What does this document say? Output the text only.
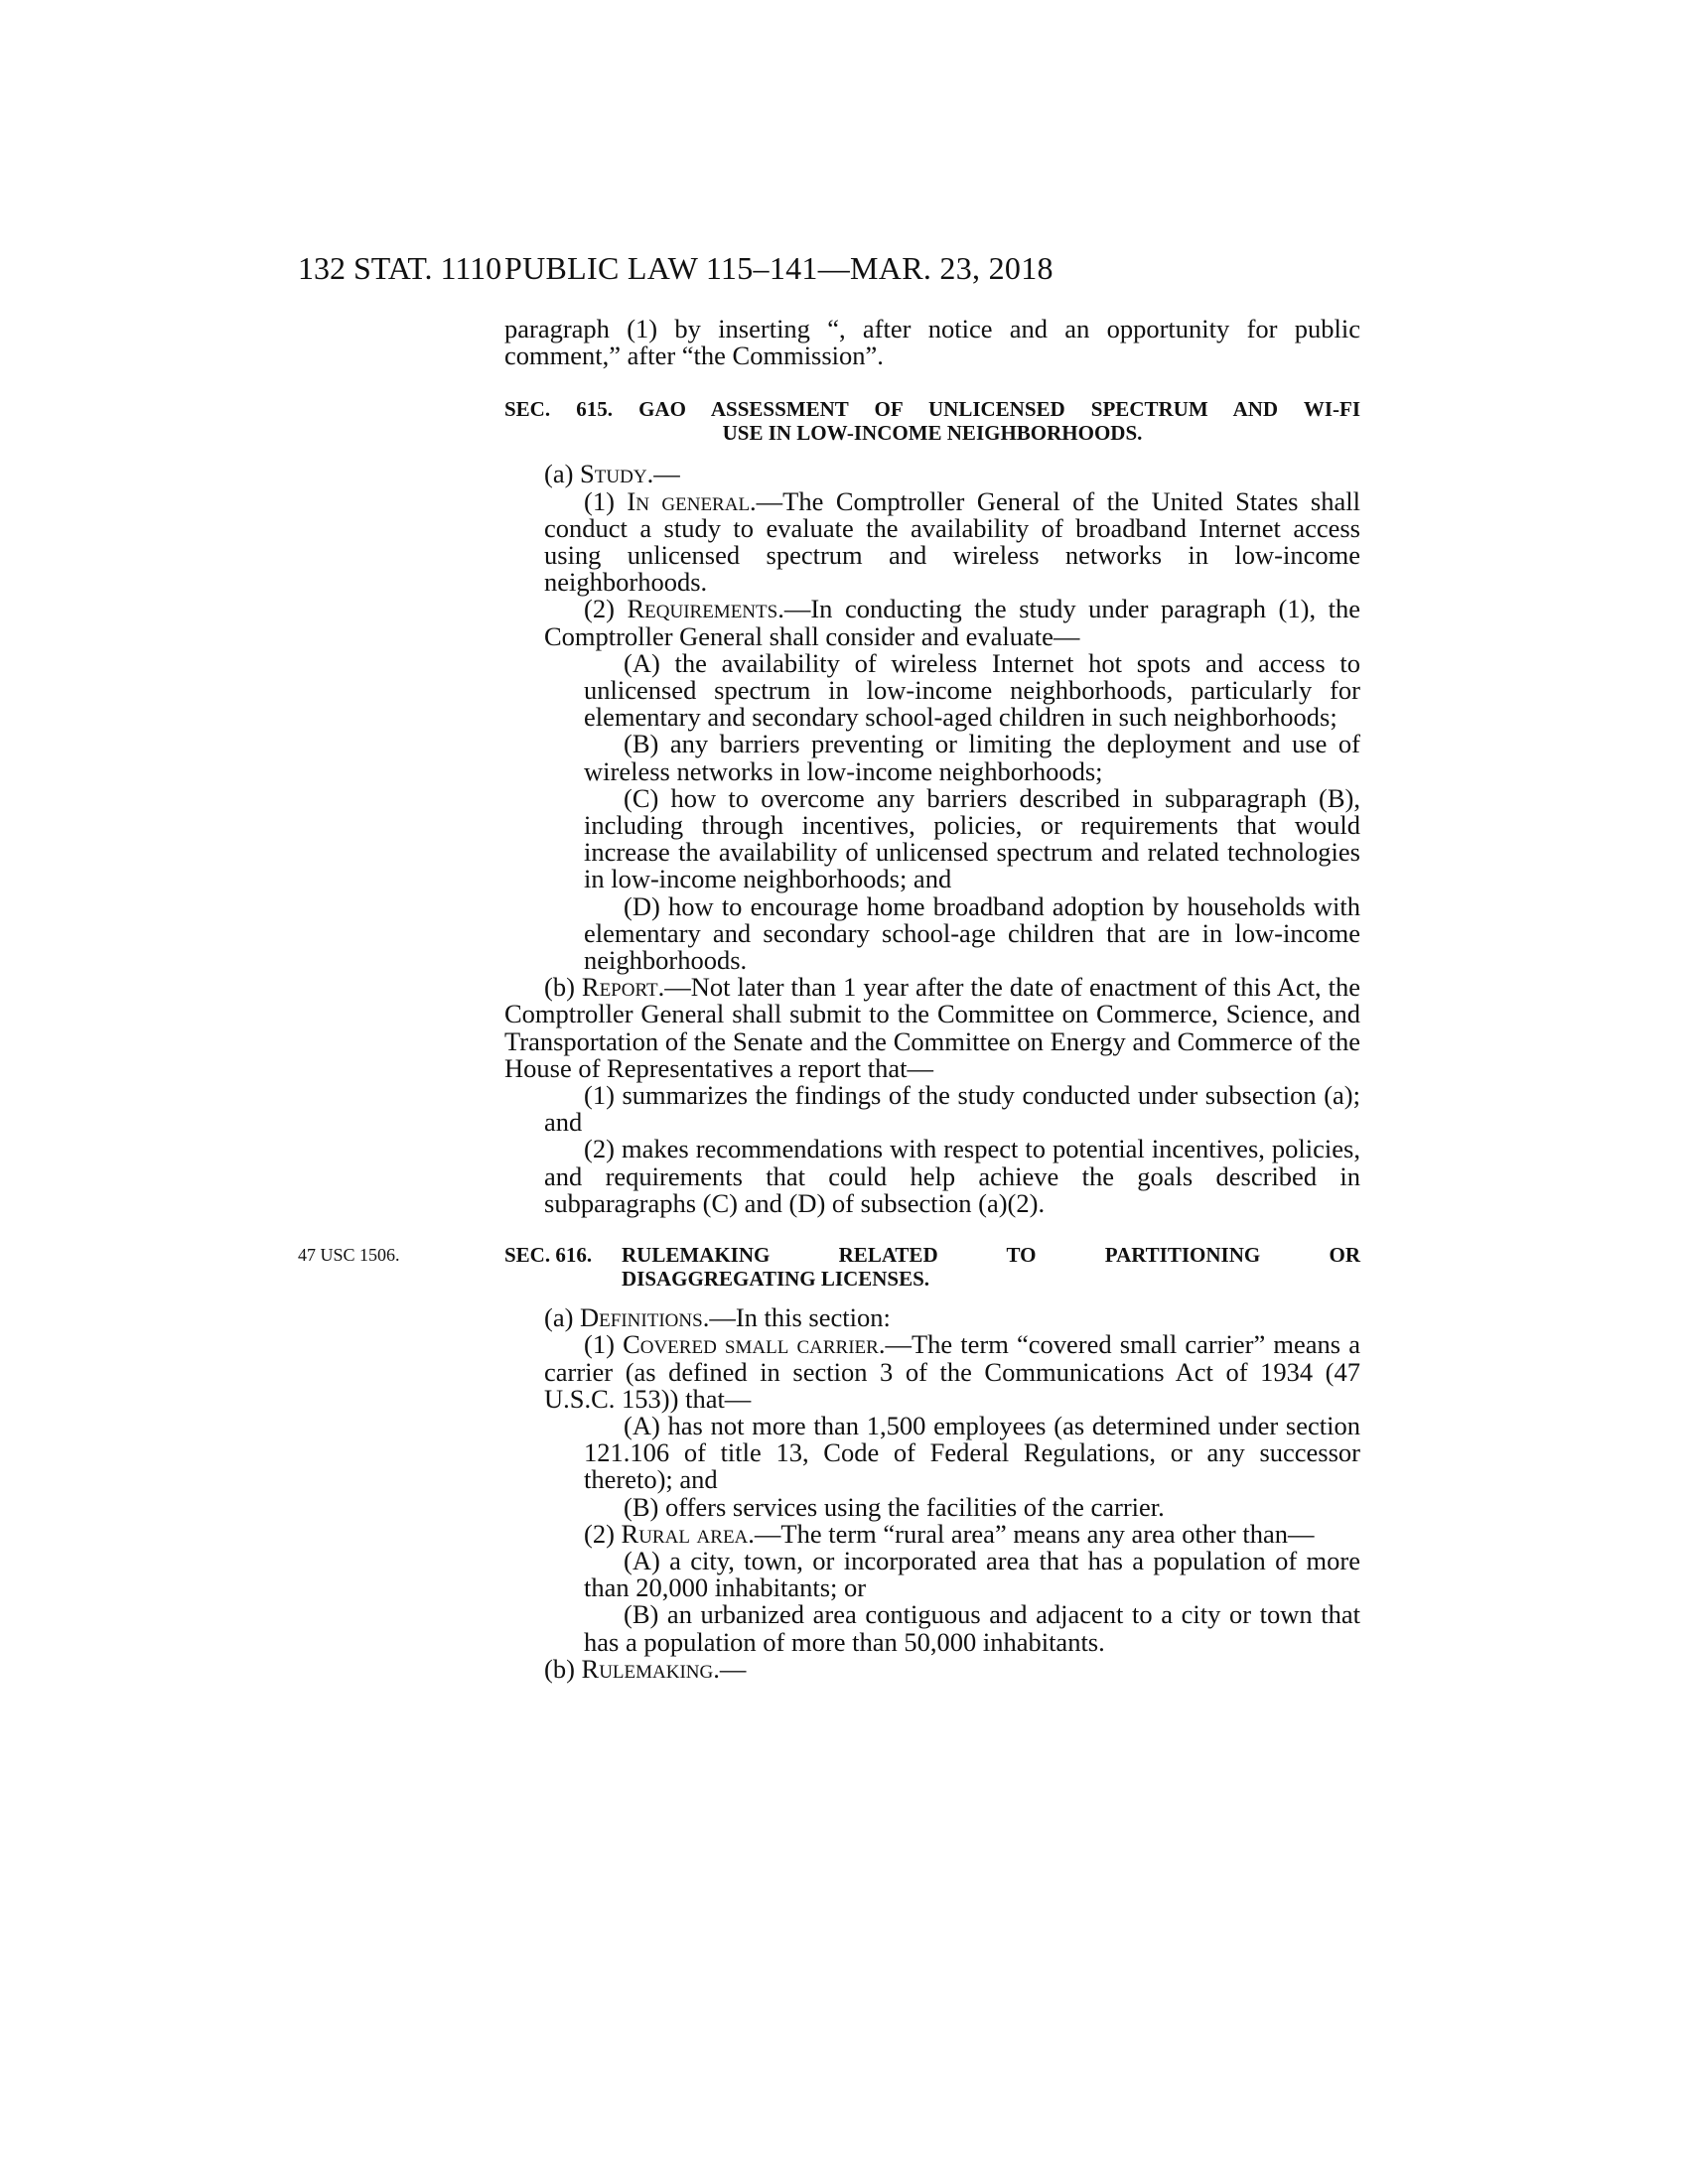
132 STAT. 1110 PUBLIC LAW 115–141—MAR. 23, 2018

paragraph (1) by inserting “, after notice and an opportunity for public comment,” after “the Commission”.

SEC. 615. GAO ASSESSMENT OF UNLICENSED SPECTRUM AND WI-FI
USE IN LOW-INCOME NEIGHBORHOODS.

(a) Study.—

(1) In general.—The Comptroller General of the United States shall conduct a study to evaluate the availability of broadband Internet access using unlicensed spectrum and wireless networks in low-income neighborhoods.

(2) Requirements.—In conducting the study under paragraph (1), the Comptroller General shall consider and evaluate—

(A) the availability of wireless Internet hot spots and access to unlicensed spectrum in low-income neighborhoods, particularly for elementary and secondary school-aged children in such neighborhoods;

(B) any barriers preventing or limiting the deployment and use of wireless networks in low-income neighborhoods;

(C) how to overcome any barriers described in subparagraph (B), including through incentives, policies, or requirements that would increase the availability of unlicensed spectrum and related technologies in low-income neighborhoods; and

(D) how to encourage home broadband adoption by households with elementary and secondary school-age children that are in low-income neighborhoods.

(b) Report.—Not later than 1 year after the date of enactment of this Act, the Comptroller General shall submit to the Committee on Commerce, Science, and Transportation of the Senate and the Committee on Energy and Commerce of the House of Representatives a report that—

(1) summarizes the findings of the study conducted under subsection (a); and

(2) makes recommendations with respect to potential incentives, policies, and requirements that could help achieve the goals described in subparagraphs (C) and (D) of subsection (a)(2).

47 USC 1506.	SEC. 616.	RULEMAKING RELATED TO PARTITIONING OR
DISAGGREGATING LICENSES.

(a) Definitions.—In this section:

(1) Covered small carrier.—The term “covered small carrier” means a carrier (as defined in section 3 of the Communications Act of 1934 (47 U.S.C. 153)) that—

(A) has not more than 1,500 employees (as determined under section 121.106 of title 13, Code of Federal Regulations, or any successor thereto); and

(B) offers services using the facilities of the carrier.

(2) Rural area.—The term “rural area” means any area other than—

(A) a city, town, or incorporated area that has a population of more than 20,000 inhabitants; or

(B) an urbanized area contiguous and adjacent to a city or town that has a population of more than 50,000 inhabitants.

(b) Rulemaking.—
